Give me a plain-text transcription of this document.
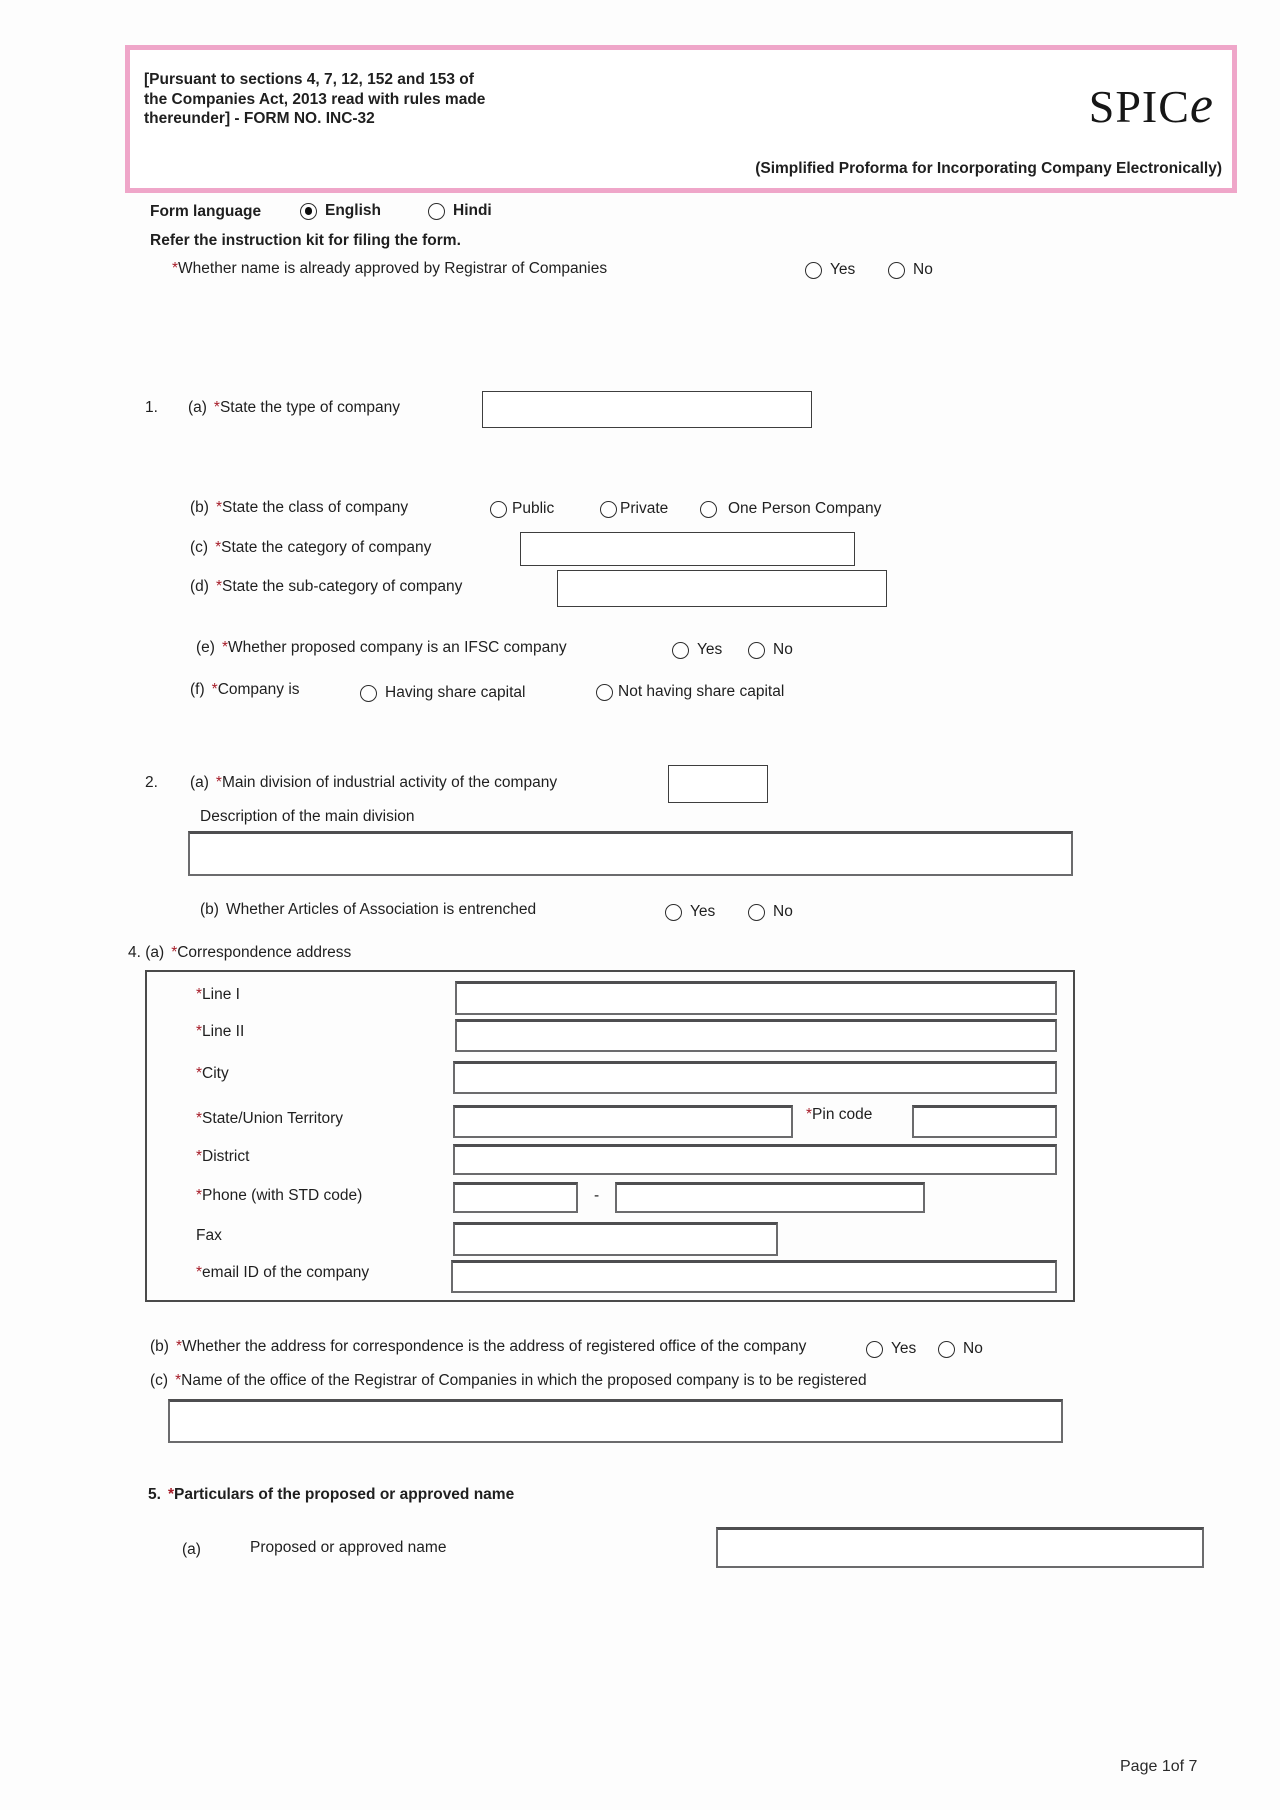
[Pursuant to sections 4, 7, 12, 152 and 153 of
the Companies Act, 2013 read with rules made
thereunder] - FORM NO. INC-32	SPICe
(Simplified Proforma for Incorporating Company Electronically)
Form language	English	Hindi
Refer the instruction kit for filing the form.
*Whether name is already approved by Registrar of Companies	Yes	No
1. (a) *State the type of company
(b) *State the class of company	Public	Private	One Person Company
(c) *State the category of company
(d) *State the sub-category of company
(e) *Whether proposed company is an IFSC company	Yes	No
(f) *Company is	Having share capital	Not having share capital
2. (a) *Main division of industrial activity of the company
Description of the main division
(b) Whether Articles of Association is entrenched	Yes	No
4. (a) *Correspondence address
*Line I
*Line II
*City
*State/Union Territory	*Pin code
*District
*Phone (with STD code)	-
Fax
*email ID of the company
(b) *Whether the address for correspondence is the address of registered office of the company	Yes	No
(c) *Name of the office of the Registrar of Companies in which the proposed company is to be registered
5. *Particulars of the proposed or approved name
(a)	Proposed or approved name
Page 1of 7
